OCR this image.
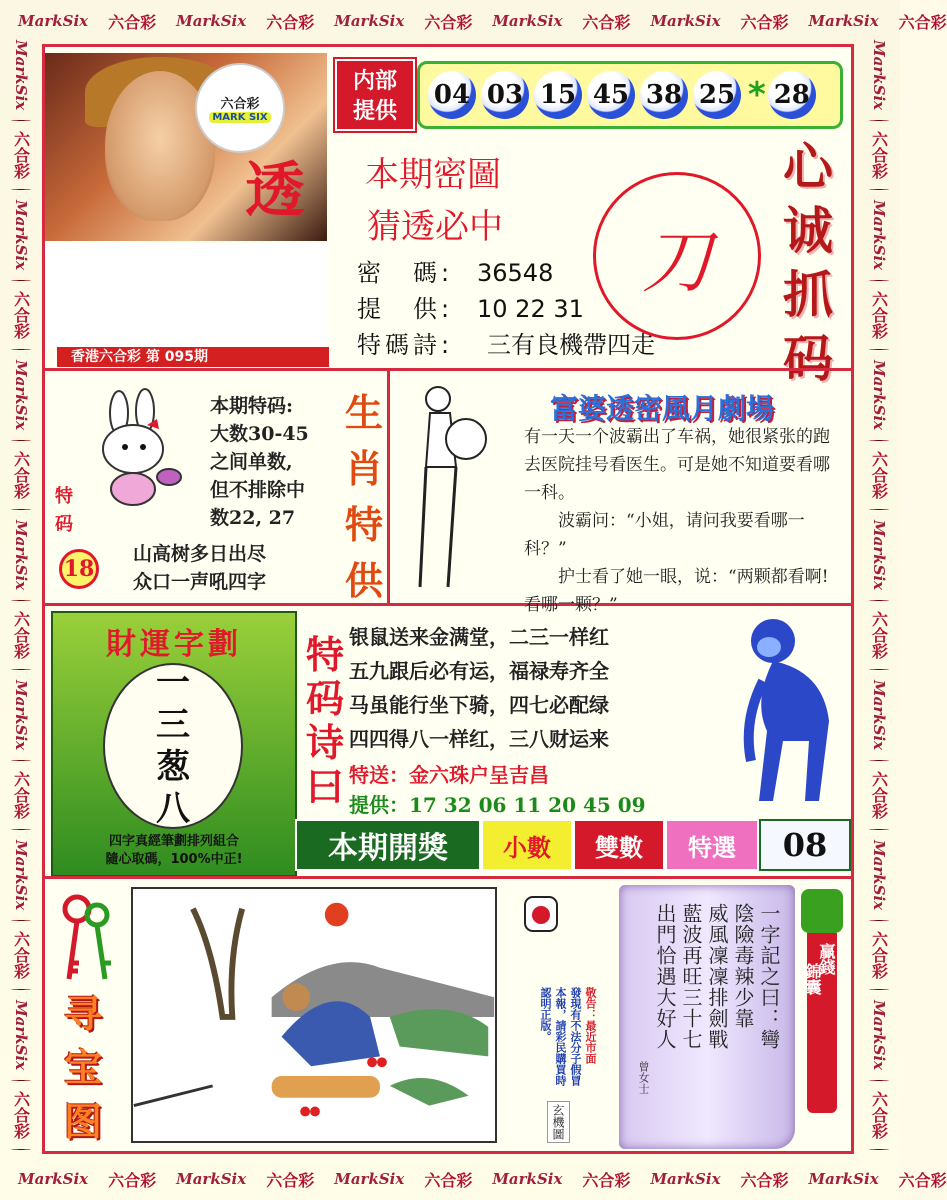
MarkSix 六合彩 MarkSix 六合彩 MarkSix 六合彩 MarkSix 六合彩 MarkSix 六合彩 MarkSix 六合彩
MarkSix 六合彩 MarkSix 六合彩 MarkSix 六合彩 MarkSix 六合彩 MarkSix 六合彩 MarkSix 六合彩
MarkSix
六合彩
MarkSix
六合彩
MarkSix
六合彩
MarkSix
六合彩
MarkSix
六合彩
MarkSix
六合彩
MarkSix
六合彩
MarkSix
六合彩
MarkSix
六合彩
MarkSix
六合彩
MarkSix
六合彩
MarkSix
六合彩
MarkSix
六合彩
MarkSix
六合彩
六合彩
MARK SIX
透
香港六合彩 第 095期
内部
提供
04 03 15 45 38 25 * 28
本期密圖
猜透必中
密　碼: 36548
提　供: 10 22 31
特碼詩: 三有良機帶四走
刀
心
诚
抓
码
特码
18
本期特码:
大数30-45
之间单数,
但不排除中
数22, 27
山高树多日出尽
众口一声吼四字
生
肖
特
供
富婆透密風月劇場

有一天一个波霸出了车祸，她很紧张的跑去医院挂号看医生。可是她不知道要看哪一科。

波霸问：“小姐，请问我要看哪一科？”

护士看了她一眼，说：“两颗都看啊!看哪一颗？”

財運字劃
一
三
葱
八
四字真經筆劃排列組合
隨心取碼，100%中正!
特
码
诗
曰
银鼠送来金满堂，二三一样红
五九跟后必有运，福禄寿齐全
马虽能行坐下骑，四七必配绿
四四得八一样红，三八财运来
特送：金六珠户呈吉昌
提供：17 32 06 11 20 45 09
本期開獎	小數	雙數	特選	08
寻
宝
图
敬告：最近市面
發現有不法分子假冒
本報，請彩民購買時
認明正版。
玄機圖
一字記之曰：彎
陰險毒辣少靠
威風凜凜排劍戰
藍波再旺三十七
出門恰遇大好人
曾女士
贏錢
錦囊
